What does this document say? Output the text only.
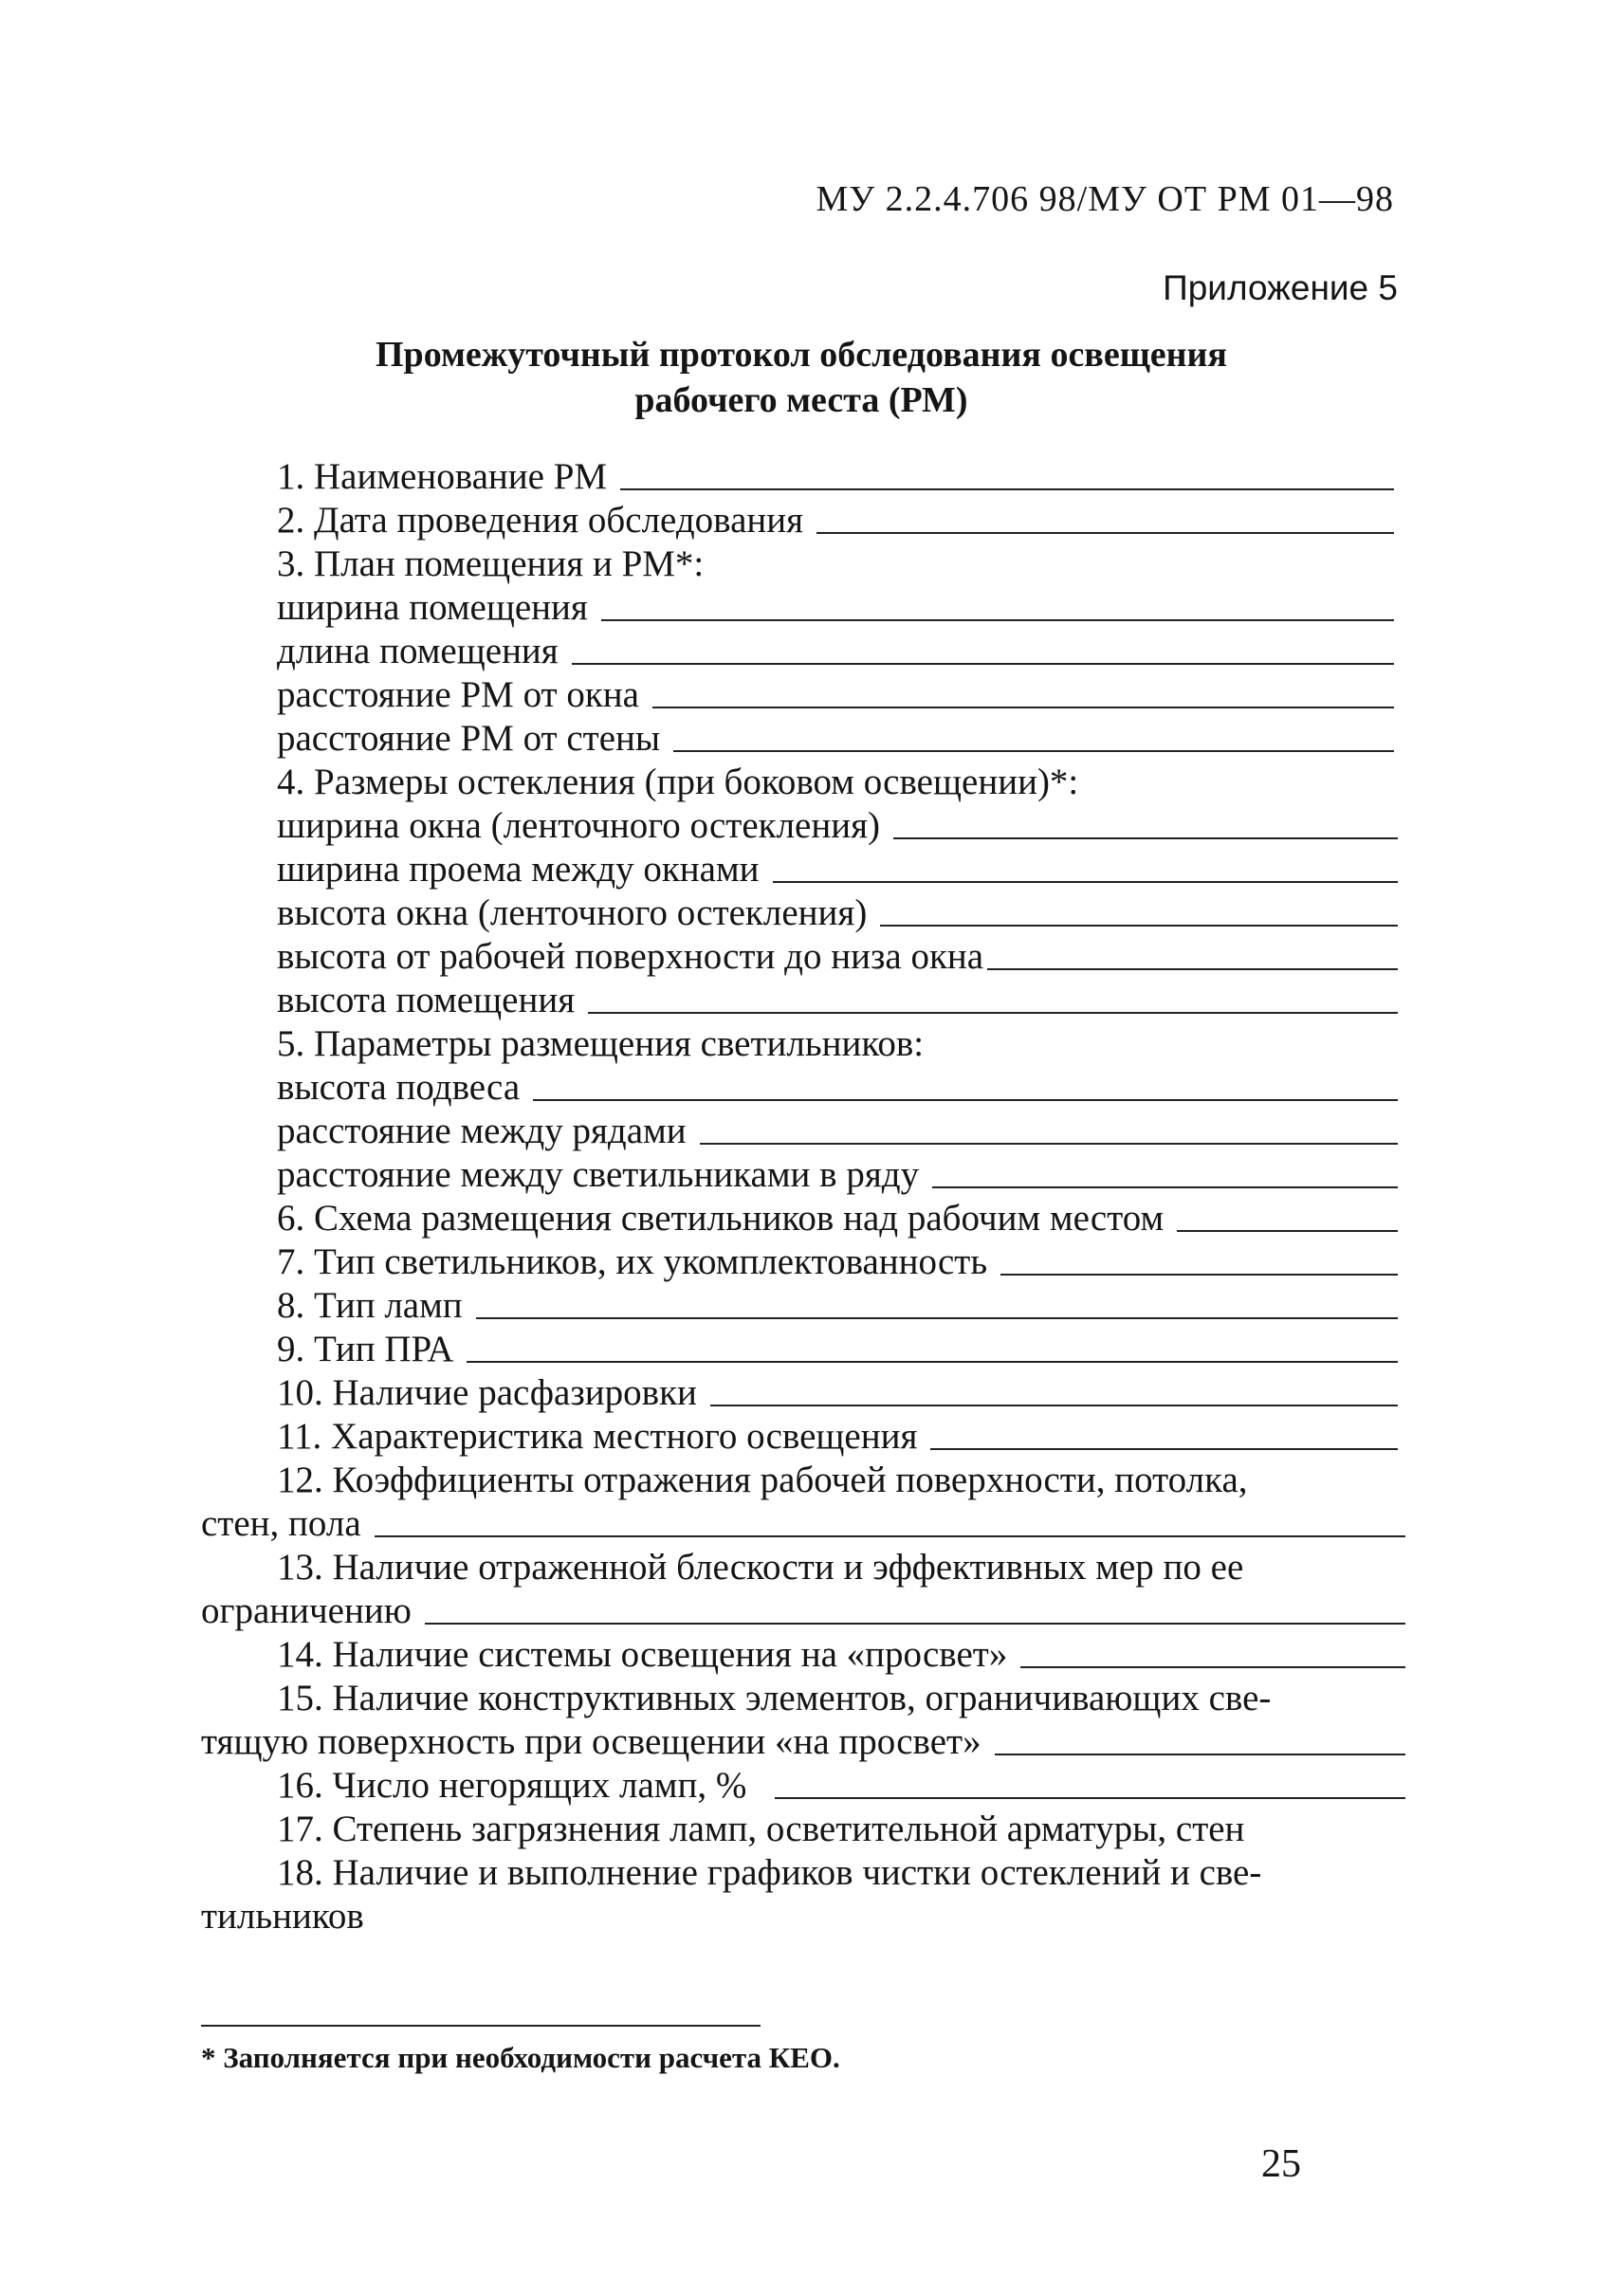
МУ 2.2.4.706 98/МУ ОТ РМ 01—98
Приложение 5
Промежуточный протокол обследования освещения
рабочего места (РМ)
1. Наименование РМ
2. Дата проведения обследования
3. План помещения и РМ*:
ширина помещения
длина помещения
расстояние РМ от окна
расстояние РМ от стены
4. Размеры остекления (при боковом освещении)*:
ширина окна (ленточного остекления)
ширина проема между окнами
высота окна (ленточного остекления)
высота от рабочей поверхности до низа окна
высота помещения
5. Параметры размещения светильников:
высота подвеса
расстояние между рядами
расстояние между светильниками в ряду
6. Схема размещения светильников над рабочим местом
7. Тип светильников, их укомплектованность
8. Тип ламп
9. Тип ПРА
10. Наличие расфазировки
11. Характеристика местного освещения
12. Коэффициенты отражения рабочей поверхности, потолка,
стен, пола
13. Наличие отраженной блескости и эффективных мер по ее
ограничению
14. Наличие системы освещения на «просвет»
15. Наличие конструктивных элементов, ограничивающих све-
тящую поверхность при освещении «на просвет»
16. Число негорящих ламп, %
17. Степень загрязнения ламп, осветительной арматуры, стен
18. Наличие и выполнение графиков чистки остеклений и све-
тильников
* Заполняется при необходимости расчета КЕО.
25
